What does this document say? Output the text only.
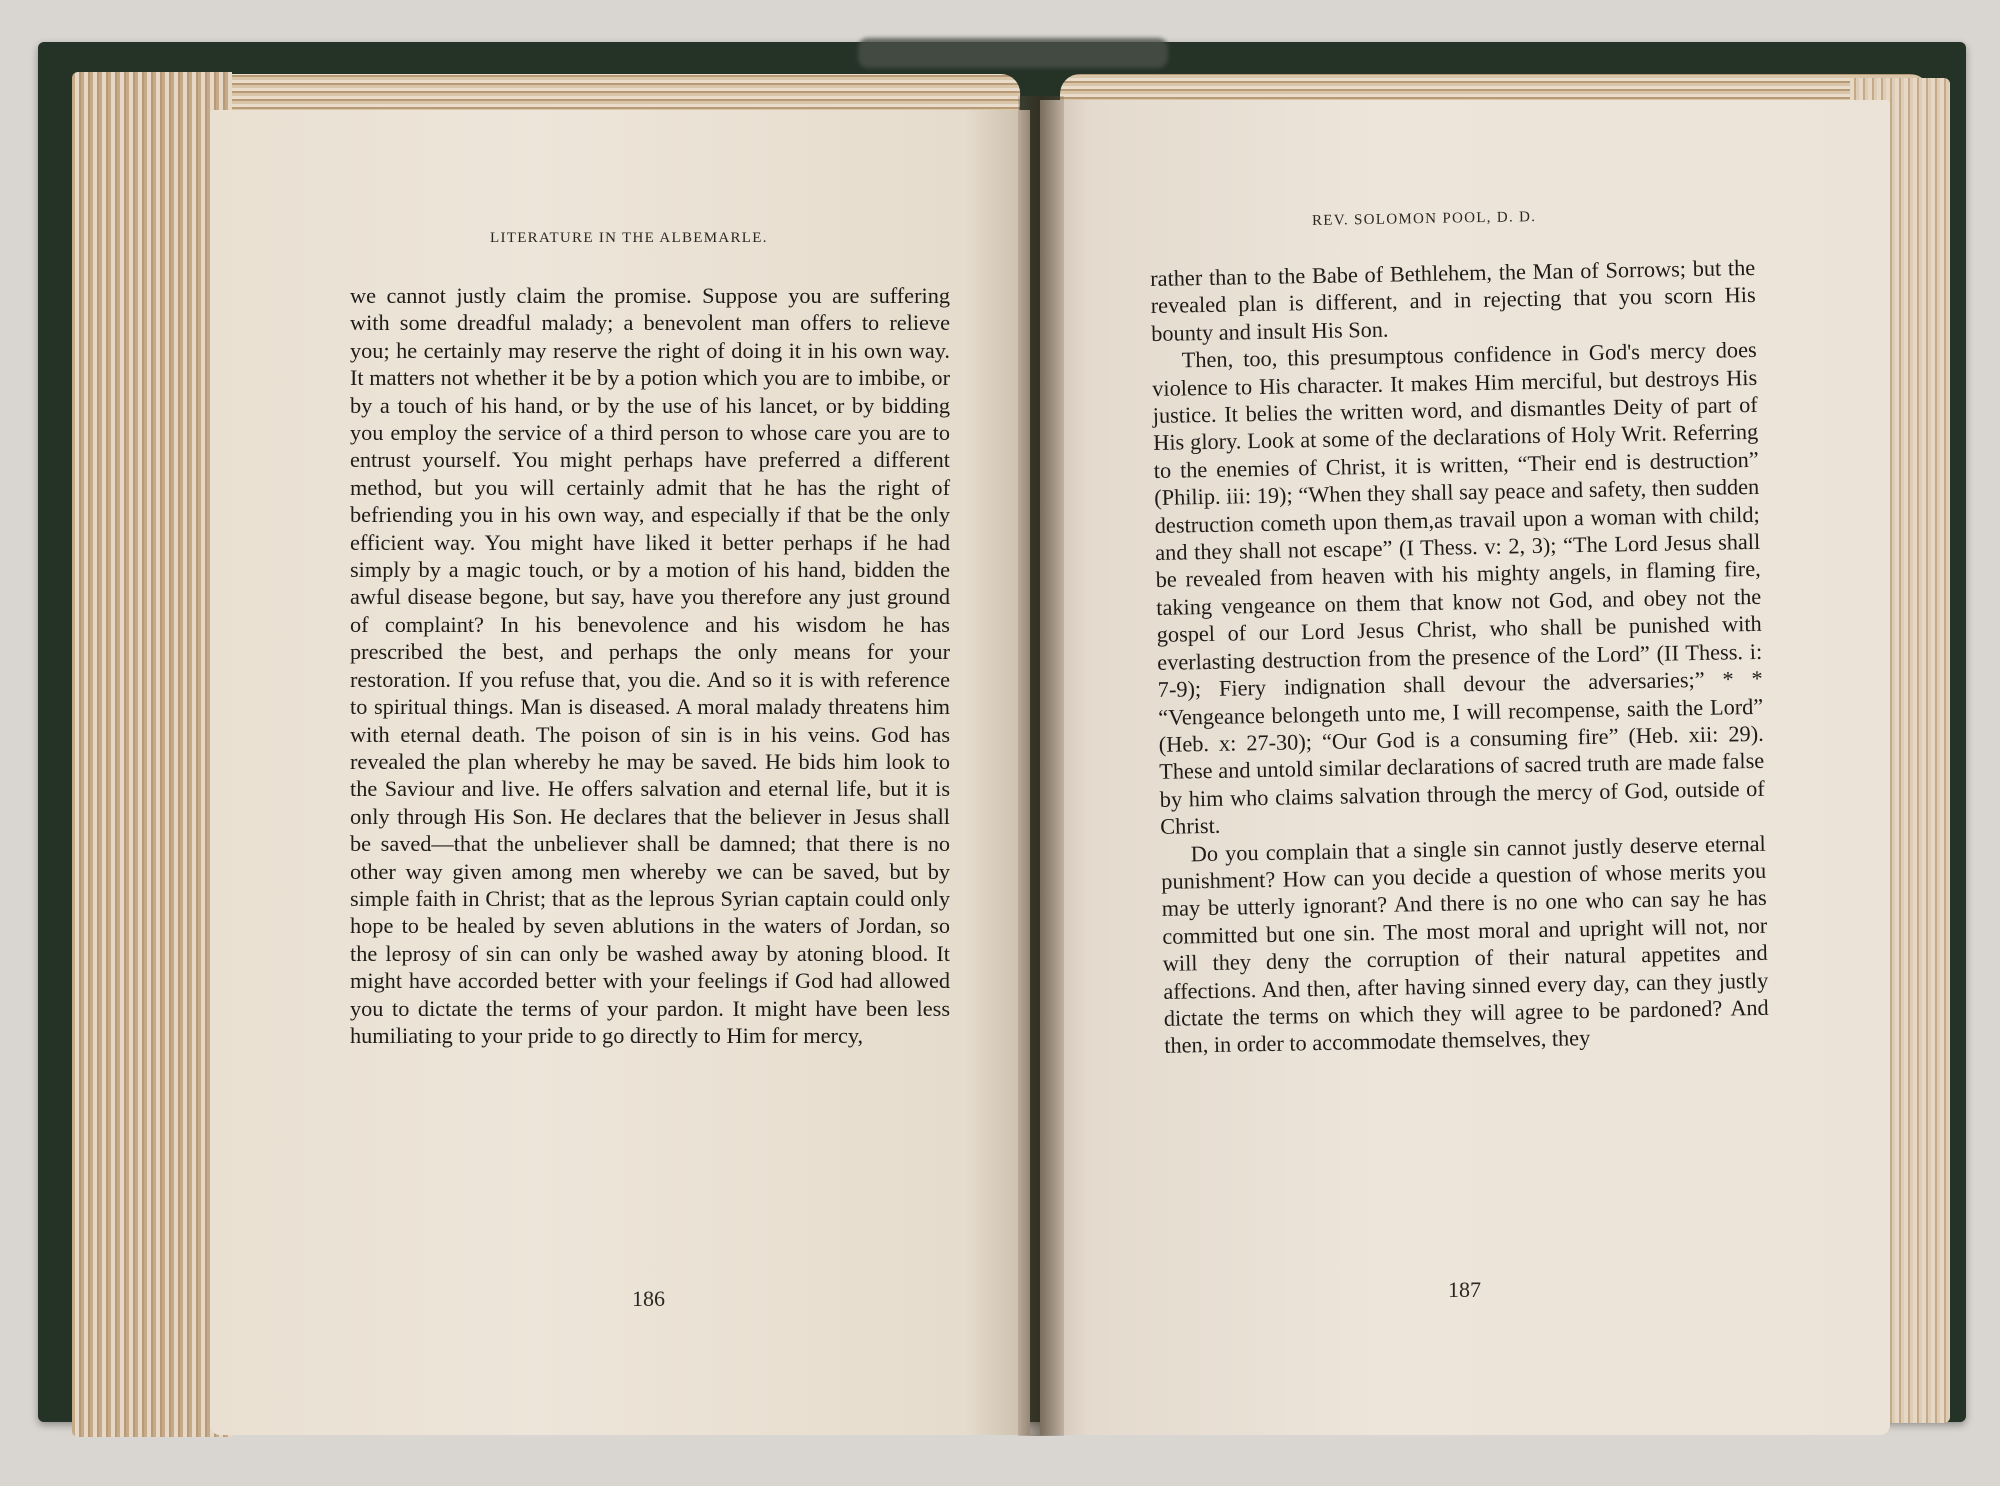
LITERATURE IN THE ALBEMARLE.

we cannot justly claim the promise. Suppose you are suffering with some dreadful malady; a benevolent man offers to relieve you; he certainly may reserve the right of doing it in his own way. It matters not whether it be by a potion which you are to imbibe, or by a touch of his hand, or by the use of his lancet, or by bidding you employ the service of a third person to whose care you are to entrust yourself. You might perhaps have preferred a different method, but you will certainly admit that he has the right of befriending you in his own way, and especially if that be the only efficient way. You might have liked it better perhaps if he had simply by a magic touch, or by a motion of his hand, bidden the awful disease begone, but say, have you therefore any just ground of complaint? In his benevolence and his wisdom he has prescribed the best, and perhaps the only means for your restoration. If you refuse that, you die. And so it is with reference to spiritual things. Man is diseased. A moral malady threatens him with eternal death. The poison of sin is in his veins. God has revealed the plan whereby he may be saved. He bids him look to the Saviour and live. He offers salvation and eternal life, but it is only through His Son. He declares that the believer in Jesus shall be saved—that the unbeliever shall be damned; that there is no other way given among men whereby we can be saved, but by simple faith in Christ; that as the leprous Syrian captain could only hope to be healed by seven ablutions in the waters of Jordan, so the leprosy of sin can only be washed away by atoning blood. It might have accorded better with your feelings if God had allowed you to dictate the terms of your pardon. It might have been less humiliating to your pride to go directly to Him for mercy,

186
REV. SOLOMON POOL, D. D.

rather than to the Babe of Bethlehem, the Man of Sorrows; but the revealed plan is different, and in rejecting that you scorn His bounty and insult His Son.

Then, too, this presumptous confidence in God's mercy does violence to His character. It makes Him merciful, but destroys His justice. It belies the written word, and dismantles Deity of part of His glory. Look at some of the declarations of Holy Writ. Referring to the enemies of Christ, it is written, “Their end is destruction” (Philip. iii: 19); “When they shall say peace and safety, then sudden destruction cometh upon them,as travail upon a woman with child; and they shall not escape” (I Thess. v: 2, 3); “The Lord Jesus shall be revealed from heaven with his mighty angels, in flaming fire, taking vengeance on them that know not God, and obey not the gospel of our Lord Jesus Christ, who shall be punished with everlasting destruction from the presence of the Lord” (II Thess. i: 7-9); Fiery indignation shall devour the adversaries;” * * “Vengeance belongeth unto me, I will recompense, saith the Lord” (Heb. x: 27-30); “Our God is a consuming fire” (Heb. xii: 29). These and untold similar declarations of sacred truth are made false by him who claims salvation through the mercy of God, outside of Christ.

Do you complain that a single sin cannot justly deserve eternal punishment? How can you decide a question of whose merits you may be utterly ignorant? And there is no one who can say he has committed but one sin. The most moral and upright will not, nor will they deny the corruption of their natural appetites and affections. And then, after having sinned every day, can they justly dictate the terms on which they will agree to be pardoned? And then, in order to accommodate themselves, they

187
